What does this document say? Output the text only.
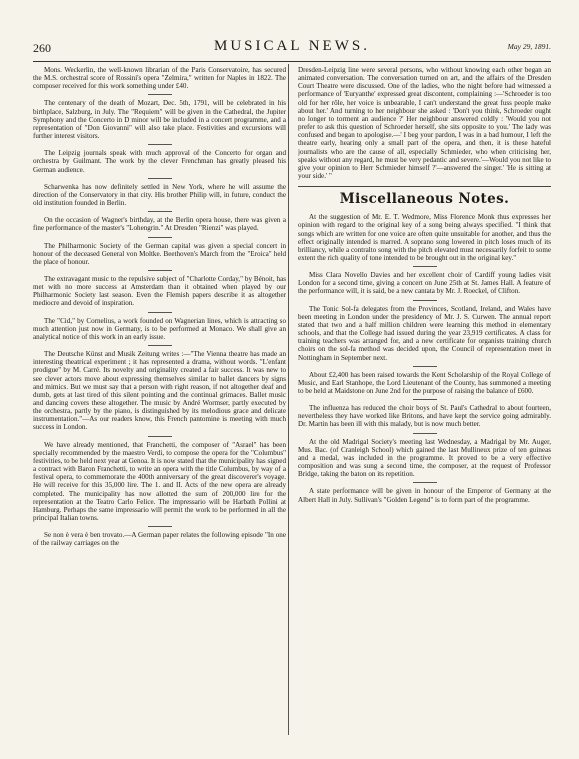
260	MUSICAL NEWS.	May 29, 1891.

Mons. Weckerlin, the well-known librarian of the Paris Conservatoire, has secured the M.S. orchestral score of Rossini's opera "Zelmira," written for Naples in 1822. The composer received for this work something under £40.

The centenary of the death of Mozart, Dec. 5th, 1791, will be celebrated in his birthplace, Salzburg, in July. The "Requiem" will be given in the Cathedral, the Jupiter Symphony and the Concerto in D minor will be included in a concert programme, and a representation of "Don Giovanni" will also take place. Festivities and excursions will further interest visitors.

The Leipzig journals speak with much approval of the Concerto for organ and orchestra by Guilmant. The work by the clever Frenchman has greatly pleased his German audience.

Scharwenka has now definitely settled in New York, where he will assume the direction of the Conservatory in that city. His brother Philip will, in future, conduct the old institution founded in Berlin.

On the occasion of Wagner's birthday, at the Berlin opera house, there was given a fine performance of the master's "Lohengrin." At Dresden "Rienzi" was played.

The Philharmonic Society of the German capital was given a special concert in honour of the deceased General von Moltke. Beethoven's March from the "Eroica" held the place of honour.

The extravagant music to the repulsive subject of "Charlotte Corday," by Bénoit, has met with no more success at Amsterdam than it obtained when played by our Philharmonic Society last season. Even the Flemish papers describe it as altogether mediocre and devoid of inspiration.

The "Cid," by Cornelius, a work founded on Wagnerian lines, which is attracting so much attention just now in Germany, is to be performed at Monaco. We shall give an analytical notice of this work in an early issue.

The Deutsche Künst and Musik Zeitung writes :—"The Vienna theatre has made an interesting theatrical experiment ; it has represented a drama, without words. "L'enfant prodigue" by M. Carré. Its novelty and originality created a fair success. It was new to see clever actors move about expressing themselves similar to ballet dancers by signs and mimics. But we must say that a person with right reason, if not altogether deaf and dumb, gets at last tired of this silent pointing and the continual grimaces. Ballet music and dancing covers these altogether. The music by André Wormser, partly executed by the orchestra, partly by the piano, is distinguished by its melodious grace and delicate instrumentation."—As our readers know, this French pantomine is meeting with much success in London.

We have already mentioned, that Franchetti, the composer of "Asrael" has been specially recommended by the maestro Verdi, to compose the opera for the "Columbus" festivities, to be held next year at Genoa. It is now stated that the municipality has signed a contract with Baron Franchetti, to write an opera with the title Columbus, by way of a festival opera, to commemorate the 400th anniversary of the great discoverer's voyage. He will receive for this 35,000 lire. The 1. and II. Acts of the new opera are already completed. The municipality has now allotted the sum of 200,000 lire for the representation at the Teatro Carlo Felice. The impressario will be Harbath Pollini at Hamburg. Perhaps the same impressario will permit the work to be performed in all the principal Italian towns.

Se non è vera è ben trovato.—A German paper relates the following episode "In one of the railway carriages on the

Dresden-Leipzig line were several persons, who without knowing each other began an animated conversation. The conversation turned on art, and the affairs of the Dresden Court Theatre were discussed. One of the ladies, who the night before had witnessed a performance of 'Euryanthe' expressed great discontent, complaining :—'Schroeder is too old for her rôle, her voice is unbearable, I can't understand the great fuss people make about her.' And turning to her neighbour she asked : 'Don't you think, Schroeder ought no longer to torment an audience ?' Her neighbour answered coldly : 'Would you not prefer to ask this question of Schroeder herself, she sits opposite to you.' The lady was confused and began to apologise.—' I beg your pardon, I was in a bad humour, I left the theatre early, hearing only a small part of the opera, and then, it is these hateful journalists who are the cause of all, especially Schmieder, who when criticising her, speaks without any regard, he must be very pedantic and severe.'—Would you not like to give your opinion to Herr Schmieder himself ?'—answered the singer.' 'He is sitting at your side.' "

Miscellaneous Notes.

At the suggestion of Mr. E. T. Wedmore, Miss Florence Monk thus expresses her opinion with regard to the original key of a song being always specified. "I think that songs which are written for one voice are often quite unsuitable for another, and thus the effect originally intended is marred. A soprano song lowered in pitch loses much of its brilliancy, while a contralto song with the pitch elevated must necessarily forfeit to some extent the rich quality of tone intended to be brought out in the original key."

Miss Clara Novello Davies and her excellent choir of Cardiff young ladies visit London for a second time, giving a concert on June 25th at St. James Hall. A feature of the performance will, it is said, be a new cantata by Mr. J. Roeckel, of Clifton.

The Tonic Sol-fa delegates from the Provinces, Scotland, Ireland, and Wales have been meeting in London under the presidency of Mr. J. S. Curwen. The annual report stated that two and a half million children were learning this method in elementary schools, and that the College had issued during the year 23,919 certificates. A class for training teachers was arranged for, and a new certificate for organists training church choirs on the sol-fa method was decided upon, the Council of representation meet in Nottingham in September next.

About £2,400 has been raised towards the Kent Scholarship of the Royal College of Music, and Earl Stanhope, the Lord Lieutenant of the County, has summoned a meeting to be held at Maidstone on June 2nd for the purpose of raising the balance of £600.

The influenza has reduced the choir boys of St. Paul's Cathedral to about fourteen, nevertheless they have worked like Britons, and have kept the service going admirably. Dr. Martin has been ill with this malady, but is now much better.

At the old Madrigal Society's meeting last Wednesday, a Madrigal by Mr. Auger, Mus. Bac. (of Cranleigh School) which gained the last Mullineux prize of ten guineas and a medal, was included in the programme. It proved to be a very effective composition and was sung a second time, the composer, at the request of Professor Bridge, taking the baton on its repetition.

A state performance will be given in honour of the Emperor of Germany at the Albert Hall in July. Sullivan's "Golden Legend" is to form part of the programme.
